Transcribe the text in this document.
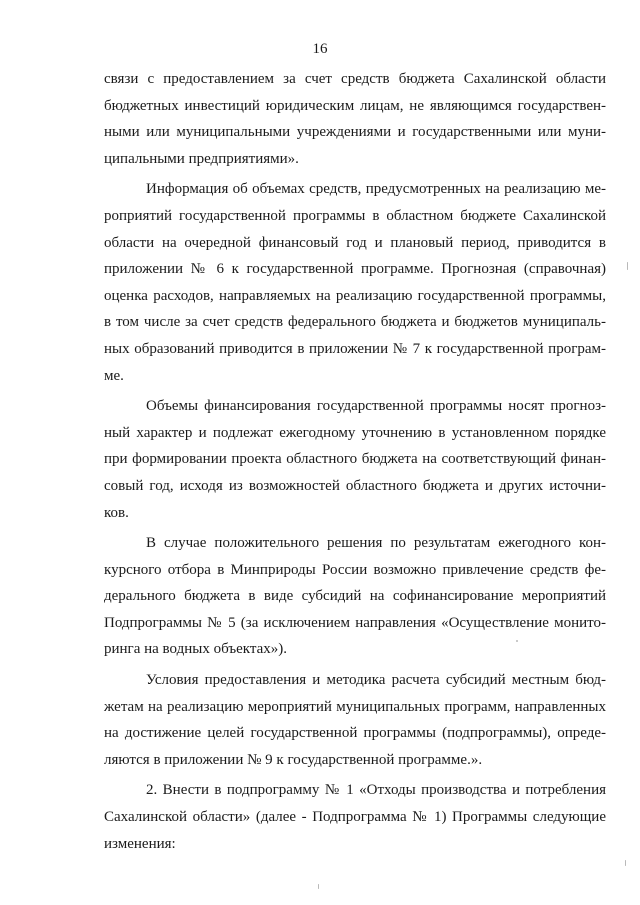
16
связи с предоставлением за счет средств бюджета Сахалинской области
бюджетных инвестиций юридическим лицам, не являющимся государствен-
ными или муниципальными учреждениями и государственными или муни-
ципальными предприятиями».
Информация об объемах средств, предусмотренных на реализацию ме-
роприятий государственной программы в областном бюджете Сахалинской
области на очередной финансовый год и плановый период, приводится в
приложении № 6 к государственной программе. Прогнозная (справочная)
оценка расходов, направляемых на реализацию государственной программы,
в том числе за счет средств федерального бюджета и бюджетов муниципаль-
ных образований приводится в приложении № 7 к государственной програм-
ме.
Объемы финансирования государственной программы носят прогноз-
ный характер и подлежат ежегодному уточнению в установленном порядке
при формировании проекта областного бюджета на соответствующий финан-
совый год, исходя из возможностей областного бюджета и других источни-
ков.
В случае положительного решения по результатам ежегодного кон-
курсного отбора в Минприроды России возможно привлечение средств фе-
дерального бюджета в виде субсидий на софинансирование мероприятий
Подпрограммы № 5 (за исключением направления «Осуществление монито-
ринга на водных объектах»).
Условия предоставления и методика расчета субсидий местным бюд-
жетам на реализацию мероприятий муниципальных программ, направленных
на достижение целей государственной программы (подпрограммы), опреде-
ляются в приложении № 9 к государственной программе.».
2. Внести в подпрограмму № 1 «Отходы производства и потребления
Сахалинской области» (далее - Подпрограмма № 1) Программы следующие
изменения:
